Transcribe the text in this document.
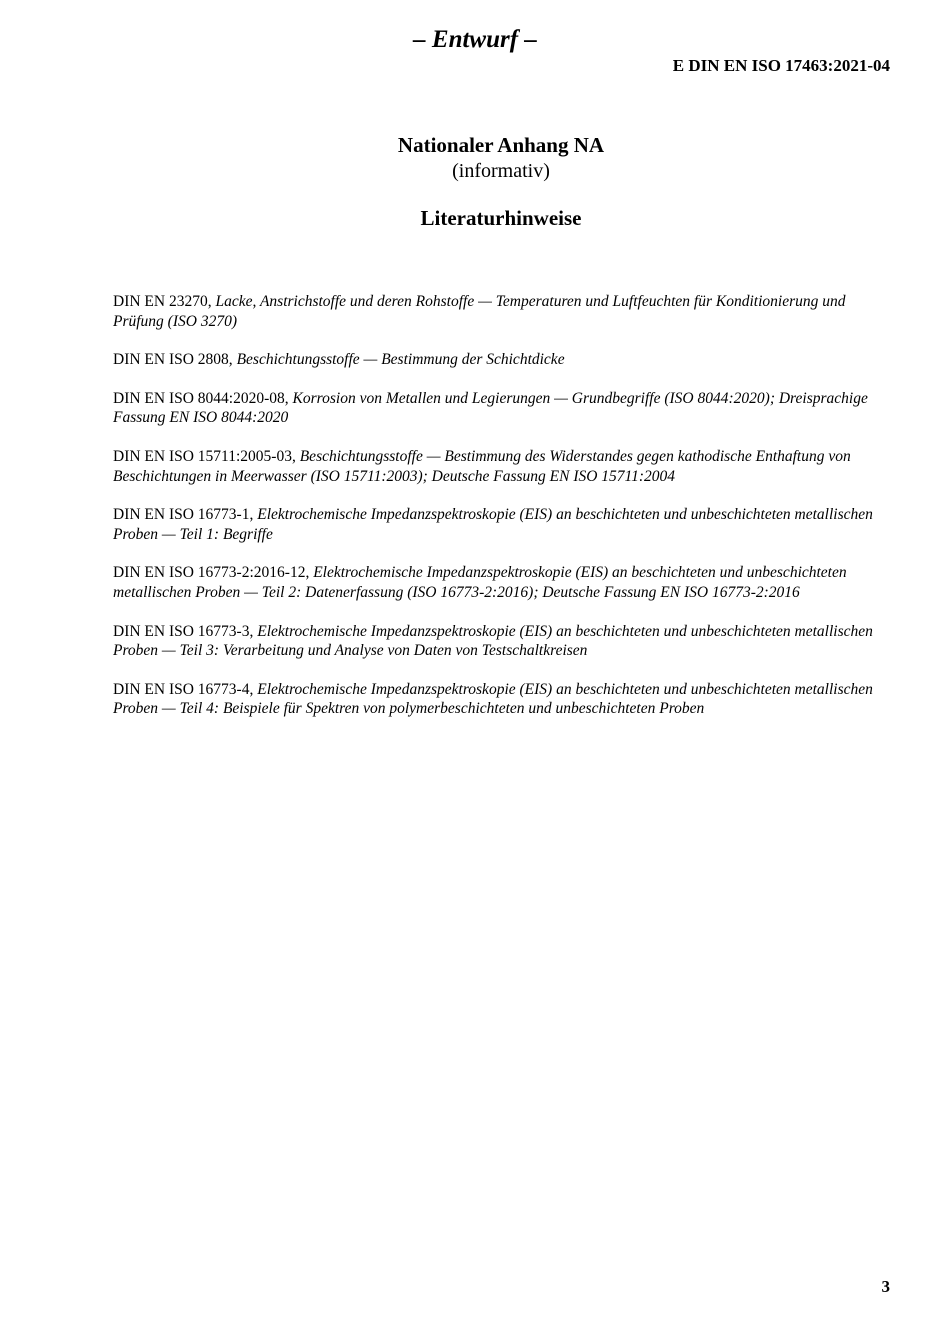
– Entwurf –
E DIN EN ISO 17463:2021-04
Nationaler Anhang NA
(informativ)
Literaturhinweise

DIN EN 23270, Lacke, Anstrichstoffe und deren Rohstoffe — Temperaturen und Luftfeuchten für Konditionierung und Prüfung (ISO 3270)

DIN EN ISO 2808, Beschichtungsstoffe — Bestimmung der Schichtdicke

DIN EN ISO 8044:2020-08, Korrosion von Metallen und Legierungen — Grundbegriffe (ISO 8044:2020); Dreisprachige Fassung EN ISO 8044:2020

DIN EN ISO 15711:2005-03, Beschichtungsstoffe — Bestimmung des Widerstandes gegen kathodische Enthaftung von Beschichtungen in Meerwasser (ISO 15711:2003); Deutsche Fassung EN ISO 15711:2004

DIN EN ISO 16773-1, Elektrochemische Impedanzspektroskopie (EIS) an beschichteten und unbeschichteten metallischen Proben — Teil 1: Begriffe

DIN EN ISO 16773-2:2016-12, Elektrochemische Impedanzspektroskopie (EIS) an beschichteten und unbeschichteten metallischen Proben — Teil 2: Datenerfassung (ISO 16773-2:2016); Deutsche Fassung EN ISO 16773-2:2016

DIN EN ISO 16773-3, Elektrochemische Impedanzspektroskopie (EIS) an beschichteten und unbeschichteten metallischen Proben — Teil 3: Verarbeitung und Analyse von Daten von Testschaltkreisen

DIN EN ISO 16773-4, Elektrochemische Impedanzspektroskopie (EIS) an beschichteten und unbeschichteten metallischen Proben — Teil 4: Beispiele für Spektren von polymerbeschichteten und unbeschichteten Proben

3
